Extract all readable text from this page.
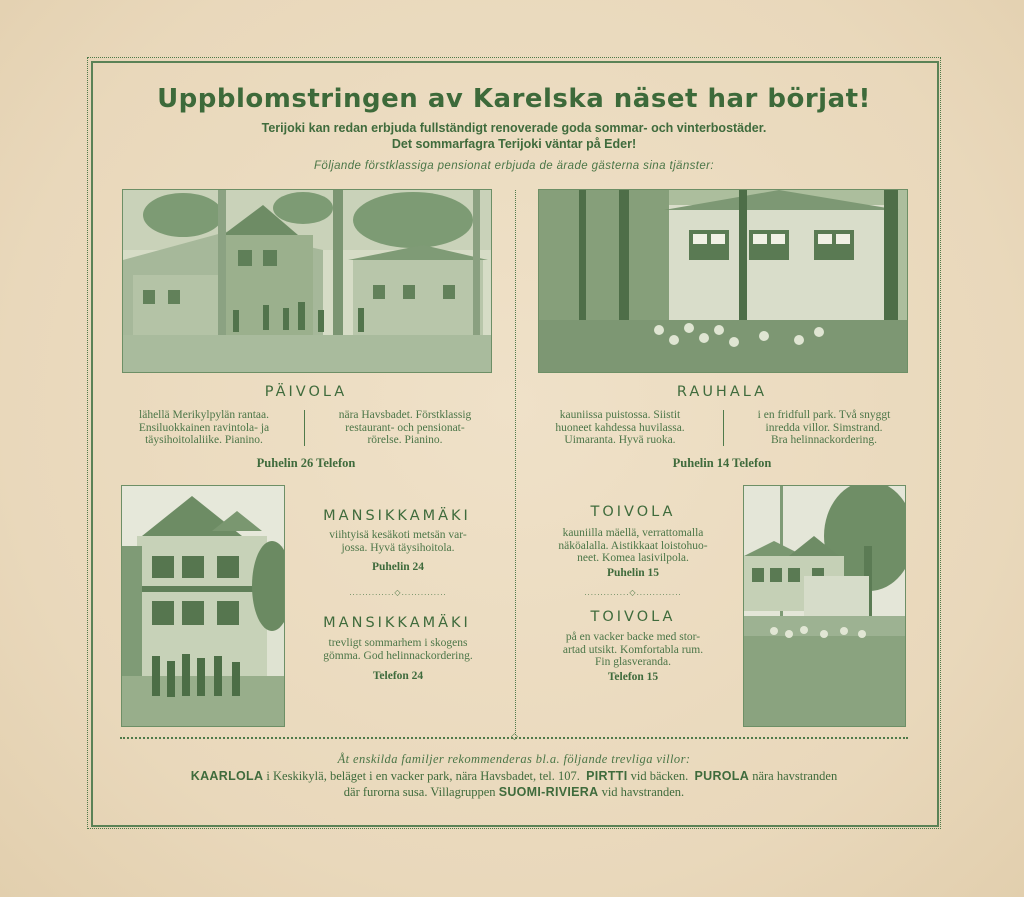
Uppblomstringen av Karelska näset har börjat!
Terijoki kan redan erbjuda fullständigt renoverade goda sommar- och vinterbostäder.
Det sommarfagra Terijoki väntar på Eder!
Följande förstklassiga pensionat erbjuda de ärade gästerna sina tjänster:
◇
PÄIVOLA
lähellä Merikylpylän rantaa.
Ensiluokkainen ravintola- ja
täysihoitolaliike. Pianino.
nära Havsbadet. Förstklassig
restaurant- och pensionat-
rörelse. Pianino.
Puhelin 26 Telefon
RAUHALA
kauniissa puistossa. Siistit
huoneet kahdessa huvilassa.
Uimaranta. Hyvä ruoka.
i en fridfull park. Två snyggt
inredda villor. Simstrand.
Bra helinnackordering.
Puhelin 14 Telefon
MANSIKKAMÄKI
viihtyisä kesäkoti metsän var-
jossa. Hyvä täysihoitola.
Puhelin 24
..............◇..............
MANSIKKAMÄKI
trevligt sommarhem i skogens
gömma. God helinnackordering.
Telefon 24
TOIVOLA
kauniilla mäellä, verrattomalla
näköalalla. Aistikkaat loistohuo-
neet. Komea lasivilpola.
Puhelin 15
..............◇..............
TOIVOLA
på en vacker backe med stor-
artad utsikt. Komfortabla rum.
Fin glasveranda.
Telefon 15
Åt enskilda familjer rekommenderas bl.a. följande trevliga villor:
KAARLOLA i Keskikylä, beläget i en vacker park, nära Havsbadet, tel. 107. PIRTTI vid bäcken. PUROLA nära havstranden
där furorna susa. Villagruppen SUOMI-RIVIERA vid havstranden.
